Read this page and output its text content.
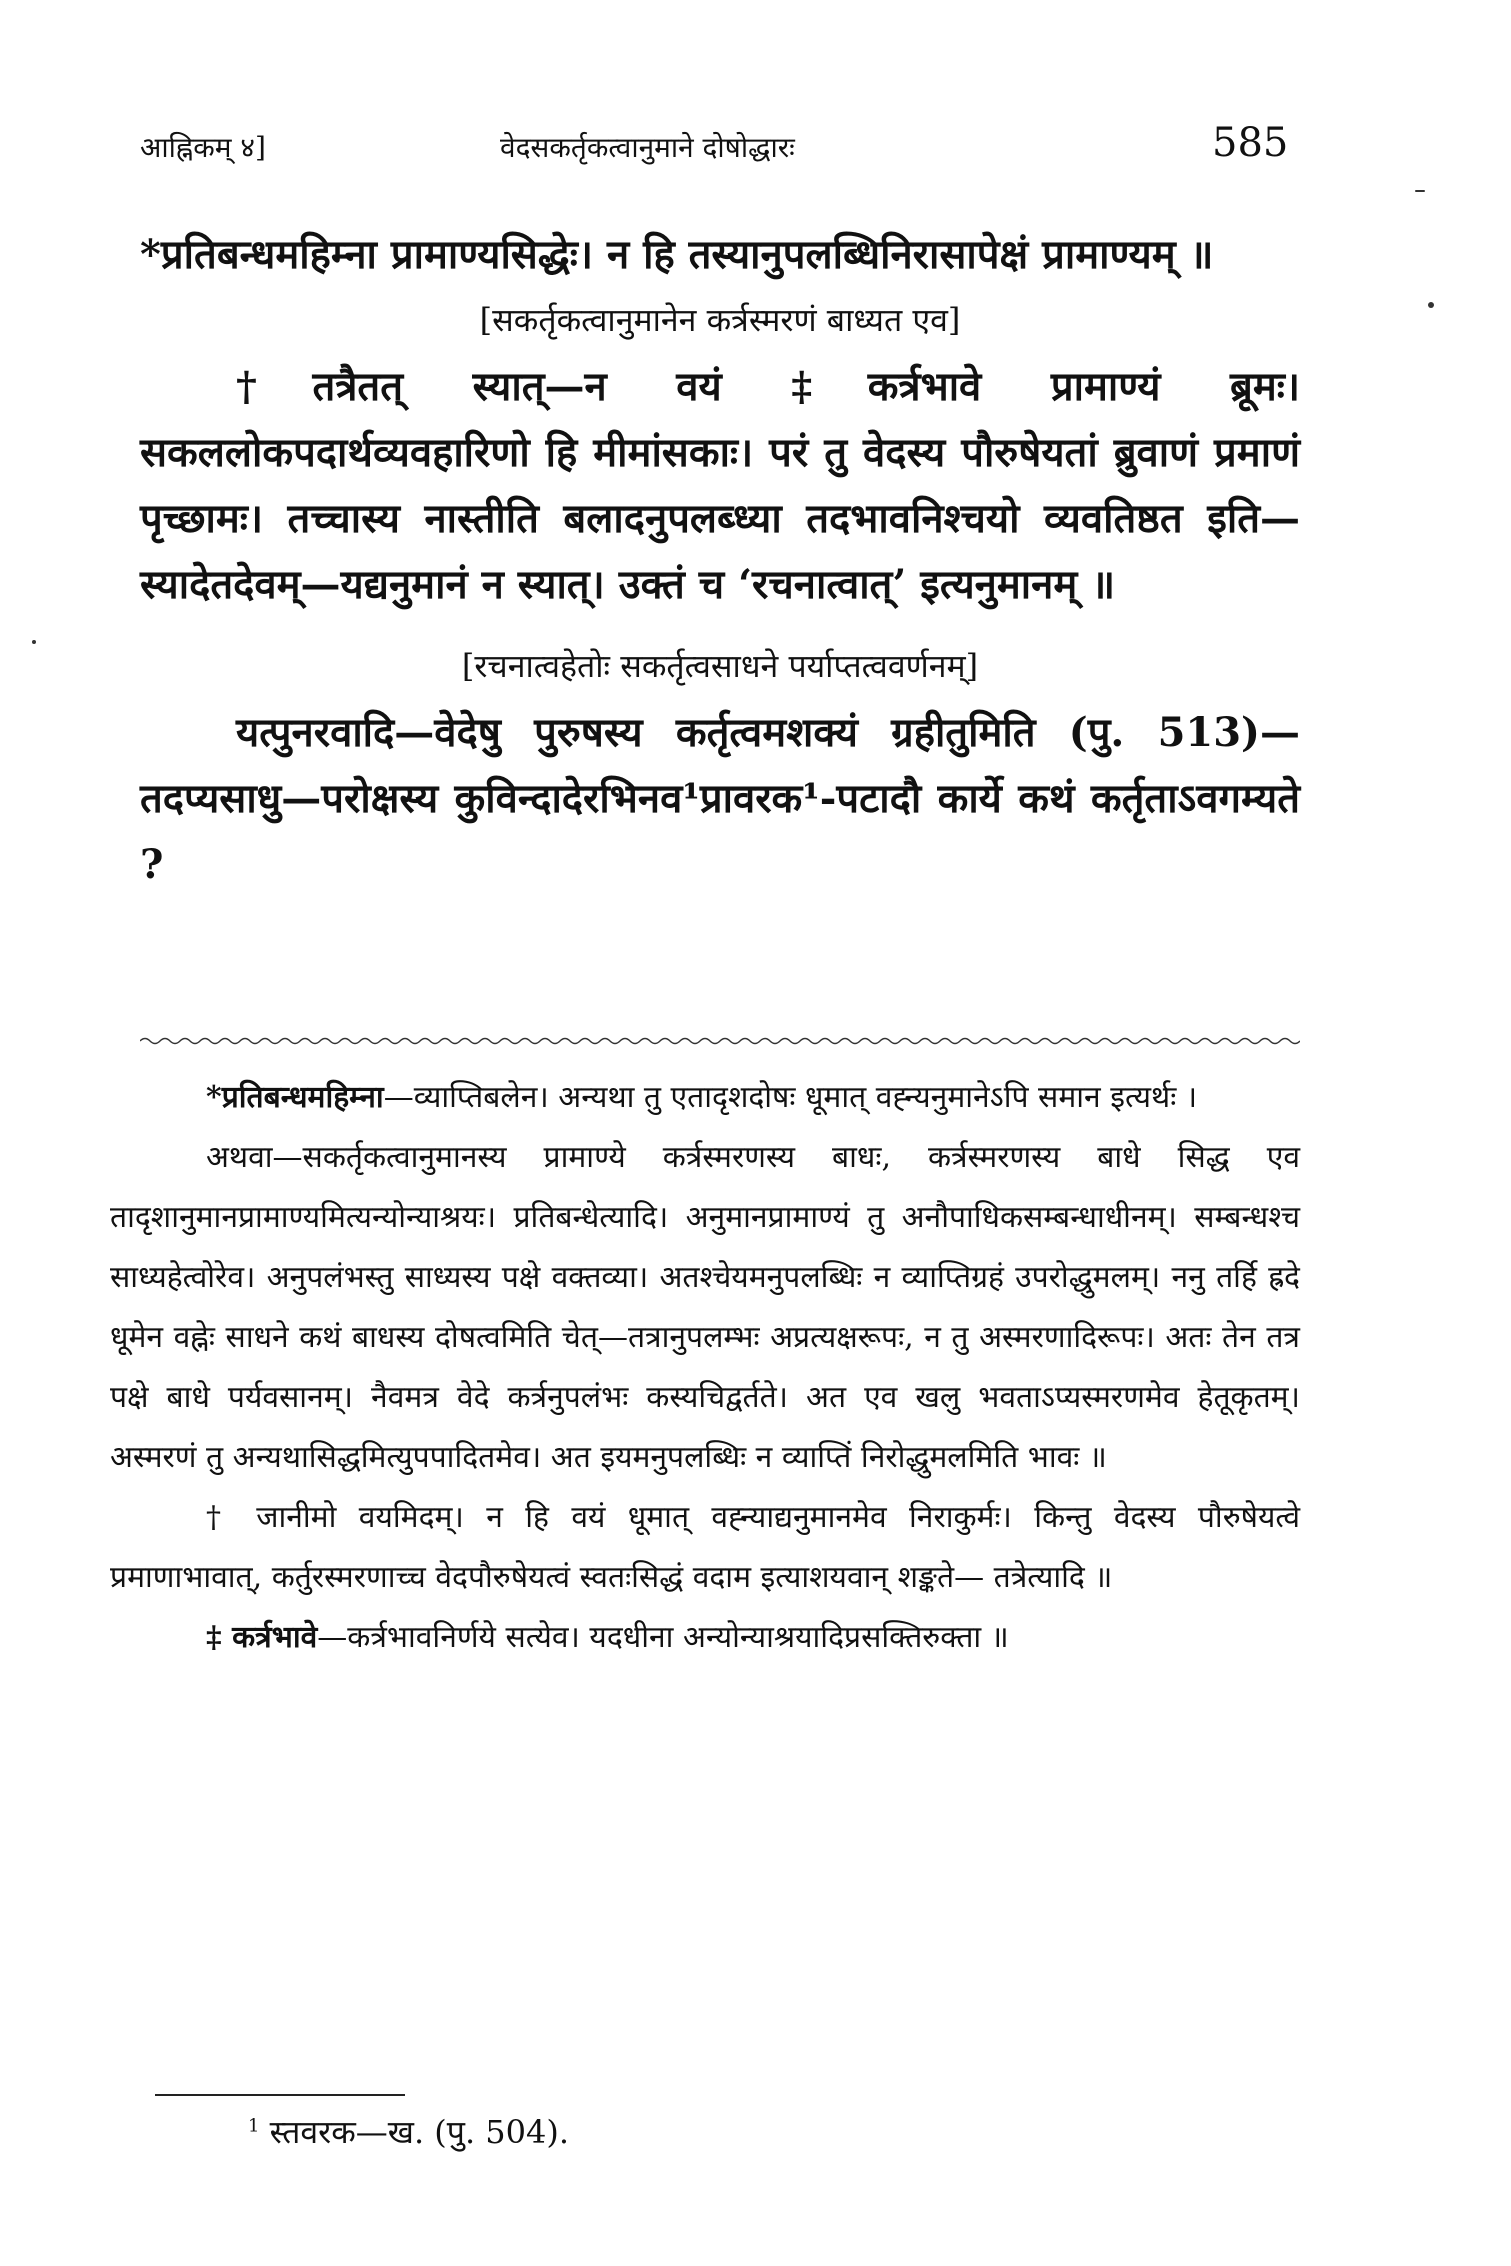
आह्निकम् ४]	वेदसकर्तृकत्वानुमाने दोषोद्धारः	585

*प्रतिबन्धमहिम्ना प्रामाण्यसिद्धेः। न हि तस्यानुपलब्धिनिरासापेक्षं प्रामाण्यम् ॥

[सकर्तृकत्वानुमानेन कर्त्रस्मरणं बाध्यत एव]

†तत्रैतत् स्यात्—न वयं ‡कर्त्रभावे प्रामाण्यं ब्रूमः। सकललोकपदार्थव्यवहारिणो हि मीमांसकाः। परं तु वेदस्य पौरुषेयतां ब्रुवाणं प्रमाणं पृच्छामः। तच्चास्य नास्तीति बलादनुपलब्ध्या तदभावनिश्चयो व्यवतिष्ठत इति—स्यादेतदेवम्—यद्यनुमानं न स्यात्। उक्तं च ‘रचनात्वात्’ इत्यनुमानम् ॥

[रचनात्वहेतोः सकर्तृत्वसाधने पर्याप्तत्ववर्णनम्]

यत्पुनरवादि—वेदेषु पुरुषस्य कर्तृत्वमशक्यं ग्रहीतुमिति (पु. 513)—तदप्यसाधु—परोक्षस्य कुविन्दादेरभिनव¹प्रावरक¹-पटादौ कार्ये कथं कर्तृताऽवगम्यते ?

*प्रतिबन्धमहिम्ना—व्याप्तिबलेन। अन्यथा तु एतादृशदोषः धूमात् वह्न्यनुमानेऽपि समान इत्यर्थः ।

अथवा—सकर्तृकत्वानुमानस्य प्रामाण्ये कर्त्रस्मरणस्य बाधः, कर्त्रस्मरणस्य बाधे सिद्ध एव तादृशानुमानप्रामाण्यमित्यन्योन्याश्रयः। प्रतिबन्धेत्यादि। अनुमानप्रामाण्यं तु अनौपाधिकसम्बन्धाधीनम्। सम्बन्धश्च साध्यहेत्वोरेव। अनुपलंभस्तु साध्यस्य पक्षे वक्तव्या। अतश्चेयमनुपलब्धिः न व्याप्तिग्रहं उपरोद्धुमलम्। ननु तर्हि ह्रदे धूमेन वह्नेः साधने कथं बाधस्य दोषत्वमिति चेत्—तत्रानुपलम्भः अप्रत्यक्षरूपः, न तु अस्मरणादिरूपः। अतः तेन तत्र पक्षे बाधे पर्यवसानम्। नैवमत्र वेदे कर्त्रनुपलंभः कस्यचिद्वर्तते। अत एव खलु भवताऽप्यस्मरणमेव हेतूकृतम्। अस्मरणं तु अन्यथासिद्धमित्युपपादितमेव। अत इयमनुपलब्धिः न व्याप्तिं निरोद्धुमलमिति भावः ॥

† जानीमो वयमिदम्। न हि वयं धूमात् वह्न्याद्यनुमानमेव निराकुर्मः। किन्तु वेदस्य पौरुषेयत्वे प्रमाणाभावात्, कर्तुरस्मरणाच्च वेदपौरुषेयत्वं स्वतःसिद्धं वदाम इत्याशयवान् शङ्कते— तत्रेत्यादि ॥

‡ कर्त्रभावे—कर्त्रभावनिर्णये सत्येव। यदधीना अन्योन्याश्रयादिप्रसक्तिरुक्ता ॥

$^1$ स्तवरक—ख. (पु. 504).
